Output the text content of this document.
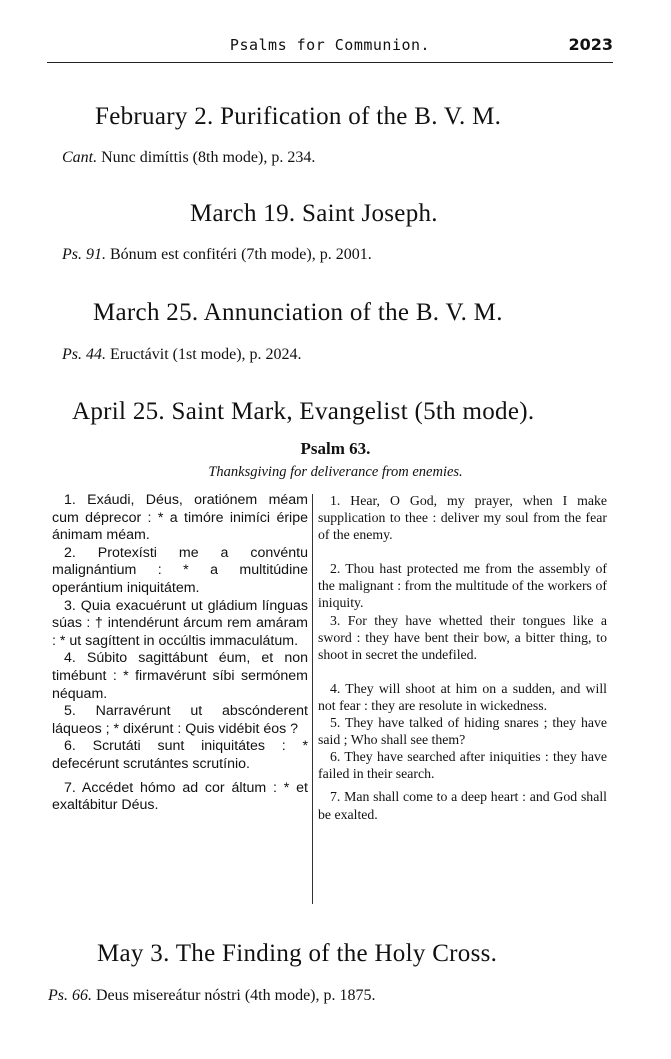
Psalms for Communion.	2023
February 2. Purification of the B. V. M.
Cant. Nunc dimíttis (8th mode), p. 234.
March 19. Saint Joseph.
Ps. 91. Bónum est confitéri (7th mode), p. 2001.
March 25. Annunciation of the B. V. M.
Ps. 44. Eructávit (1st mode), p. 2024.
April 25. Saint Mark, Evangelist (5th mode).
Psalm 63.
Thanksgiving for deliverance from enemies.
1. Exáudi, Déus, oratiónem méam cum déprecor : * a timóre inimíci éripe ánimam méam.
2. Protexísti me a convéntu malignántium : * a multitúdine operántium iniquitátem.
3. Quia exacuérunt ut gládium línguas súas : † intendérunt árcum rem amáram : * ut sagíttent in occúltis immaculátum.
4. Súbito sagittábunt éum, et non timébunt : * firmavérunt síbi sermónem néquam.
5. Narravérunt ut abscónderent láqueos ; * dixérunt : Quis vidébit éos ?
6. Scrutáti sunt iniquitátes : * defecérunt scrutántes scrutínio.
7. Accédet hómo ad cor áltum : * et exaltábitur Déus.
1. Hear, O God, my prayer, when I make supplication to thee : deliver my soul from the fear of the enemy.
2. Thou hast protected me from the assembly of the malignant : from the multitude of the workers of iniquity.
3. For they have whetted their tongues like a sword : they have bent their bow, a bitter thing, to shoot in secret the undefiled.
4. They will shoot at him on a sudden, and will not fear : they are resolute in wickedness.
5. They have talked of hiding snares ; they have said ; Who shall see them?
6. They have searched after iniquities : they have failed in their search.
7. Man shall come to a deep heart : and God shall be exalted.
May 3. The Finding of the Holy Cross.
Ps. 66. Deus misereátur nóstri (4th mode), p. 1875.
